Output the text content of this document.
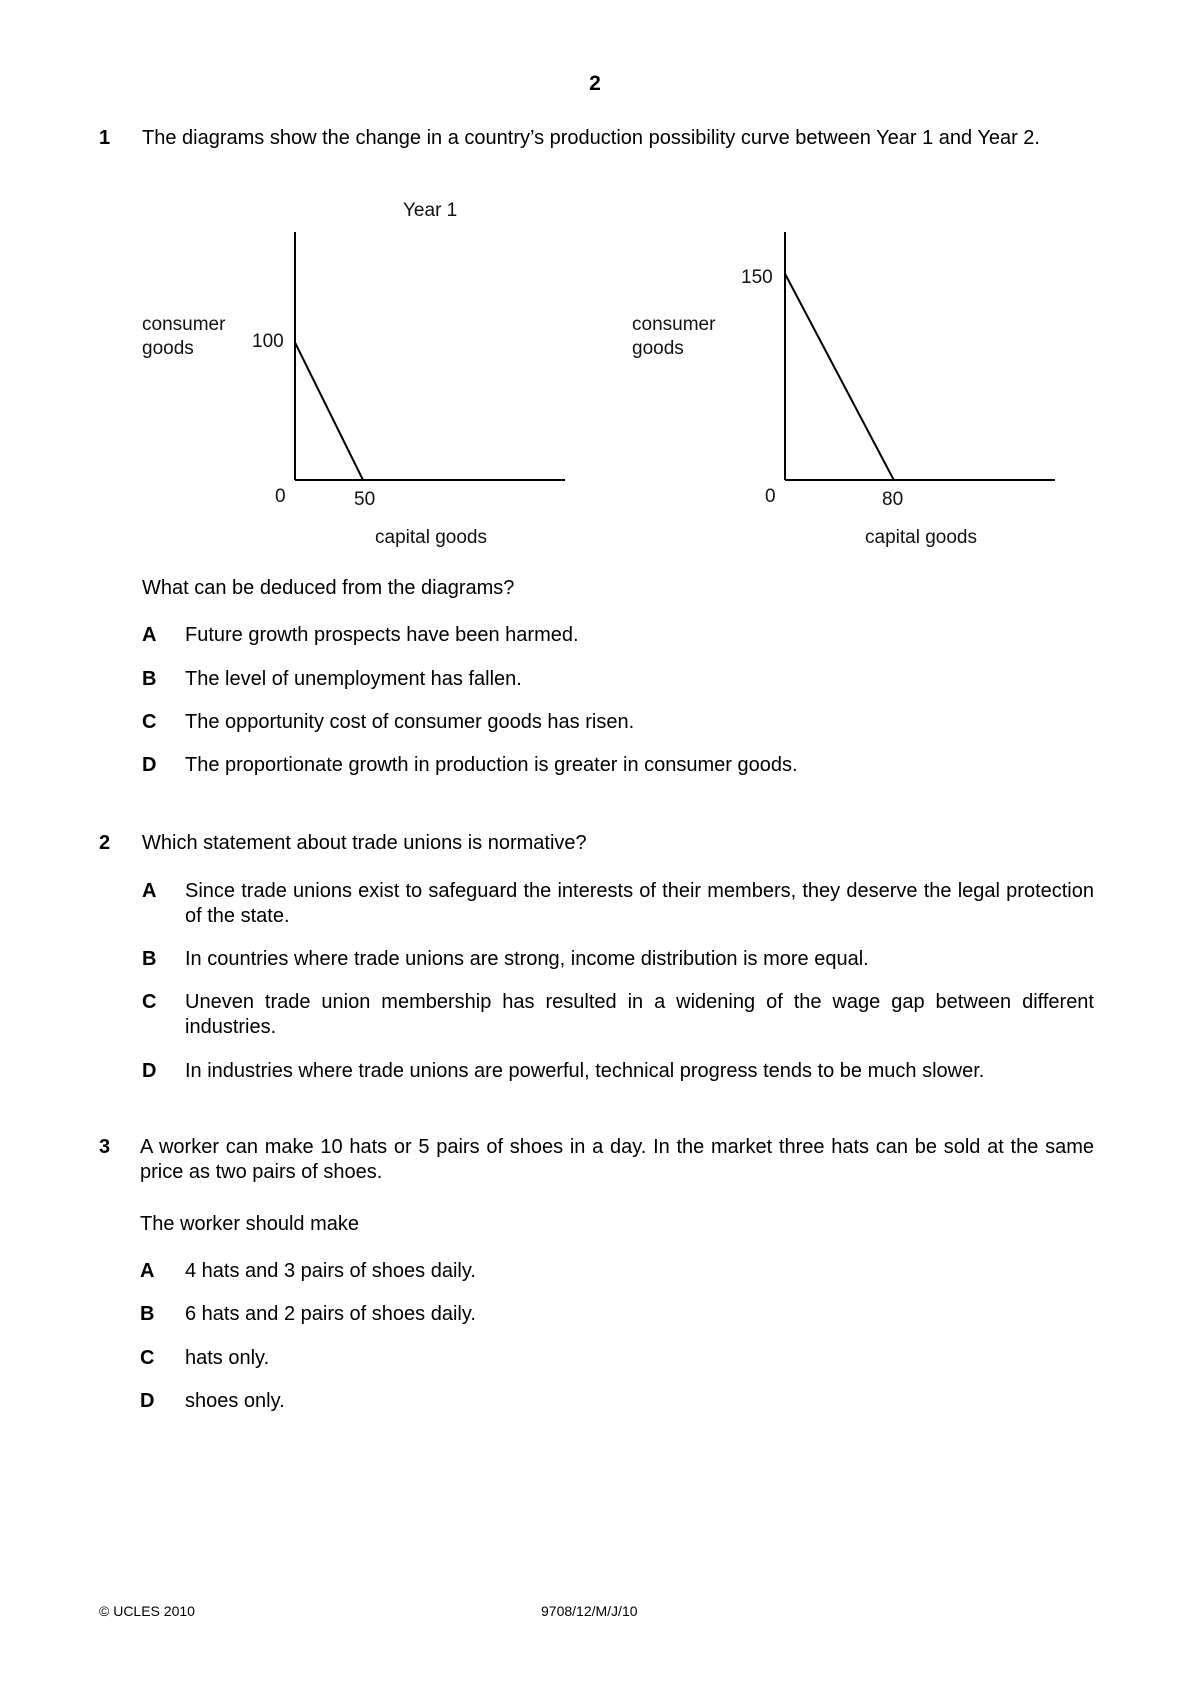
2
1 The diagrams show the change in a country’s production possibility curve between Year 1 and Year 2.
Year 1
consumer
goods	100
0	50
capital goods
consumer
goods
150
0	80
capital goods
What can be deduced from the diagrams?
A Future growth prospects have been harmed.
B The level of unemployment has fallen.
C The opportunity cost of consumer goods has risen.
D The proportionate growth in production is greater in consumer goods.
2 Which statement about trade unions is normative?
A Since trade unions exist to safeguard the interests of their members, they deserve the legal protection of the state.
B In countries where trade unions are strong, income distribution is more equal.
C Uneven trade union membership has resulted in a widening of the wage gap between different industries.
D In industries where trade unions are powerful, technical progress tends to be much slower.
3 A worker can make 10 hats or 5 pairs of shoes in a day. In the market three hats can be sold at the same price as two pairs of shoes.
The worker should make
A 4 hats and 3 pairs of shoes daily.
B 6 hats and 2 pairs of shoes daily.
C hats only.
D shoes only.
© UCLES 2010	9708/12/M/J/10
